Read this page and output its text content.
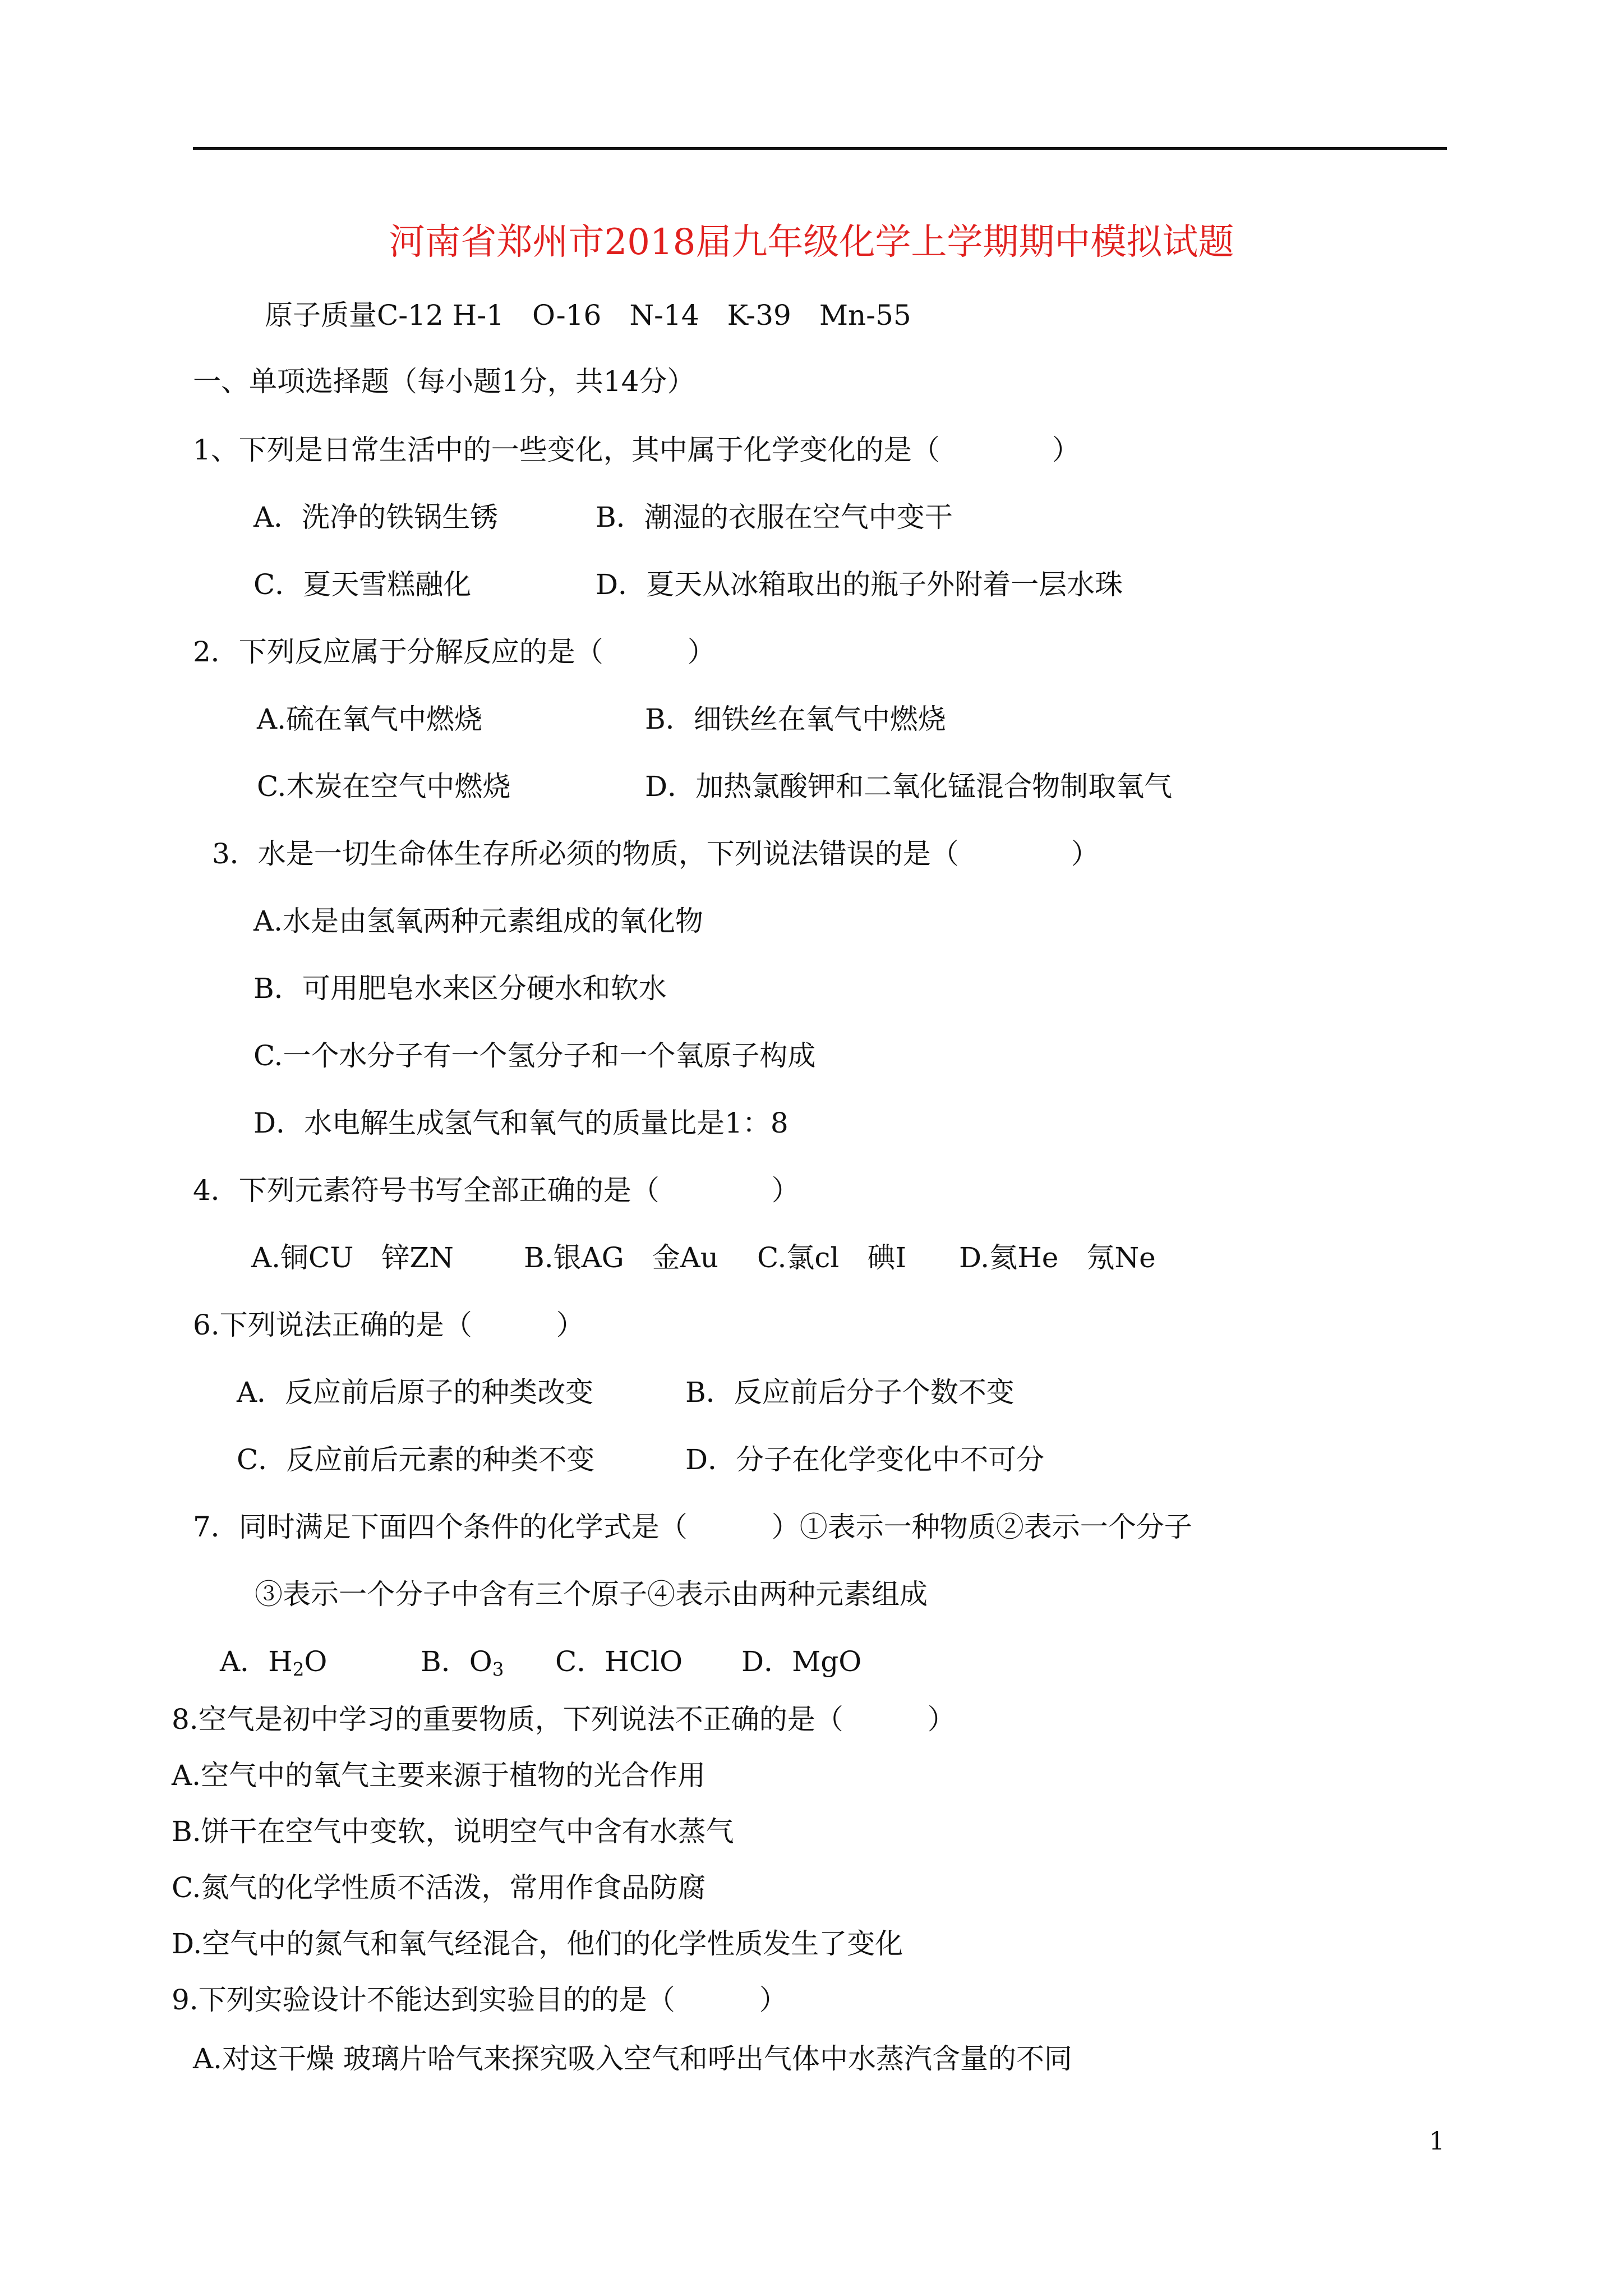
河南省郑州市2018届九年级化学上学期期中模拟试题
原子质量C-12 H-1　O-16　N-14　K-39　Mn-55
一、单项选择题（每小题1分，共14分）
1、下列是日常生活中的一些变化，其中属于化学变化的是（　　　　）
A．洗净的铁锅生锈	B．潮湿的衣服在空气中变干
C．夏天雪糕融化	D．夏天从冰箱取出的瓶子外附着一层水珠
2．下列反应属于分解反应的是（　　　）
A.硫在氧气中燃烧	B．细铁丝在氧气中燃烧
C.木炭在空气中燃烧	D．加热氯酸钾和二氧化锰混合物制取氧气
3．水是一切生命体生存所必须的物质，下列说法错误的是（　　　　）
A.水是由氢氧两种元素组成的氧化物
B．可用肥皂水来区分硬水和软水
C.一个水分子有一个氢分子和一个氧原子构成
D．水电解生成氢气和氧气的质量比是1：8
4．下列元素符号书写全部正确的是（　　　　）
A.铜CU　锌ZN	B.银AG　金Au C.氯cl　碘I D.氦He　氖Ne
6.下列说法正确的是（　　　）
A．反应前后原子的种类改变	B．反应前后分子个数不变
C．反应前后元素的种类不变	D．分子在化学变化中不可分
7．同时满足下面四个条件的化学式是（　　　）①表示一种物质②表示一个分子
③表示一个分子中含有三个原子④表示由两种元素组成
A．$H_2O$	B．$O_3$ C．HClO D．MgO
8.空气是初中学习的重要物质，下列说法不正确的是（　　　）
A.空气中的氧气主要来源于植物的光合作用
B.饼干在空气中变软，说明空气中含有水蒸气
C.氮气的化学性质不活泼，常用作食品防腐
D.空气中的氮气和氧气经混合，他们的化学性质发生了变化
9.下列实验设计不能达到实验目的的是（　　　）
A.对这干燥 玻璃片哈气来探究吸入空气和呼出气体中水蒸汽含量的不同
1
